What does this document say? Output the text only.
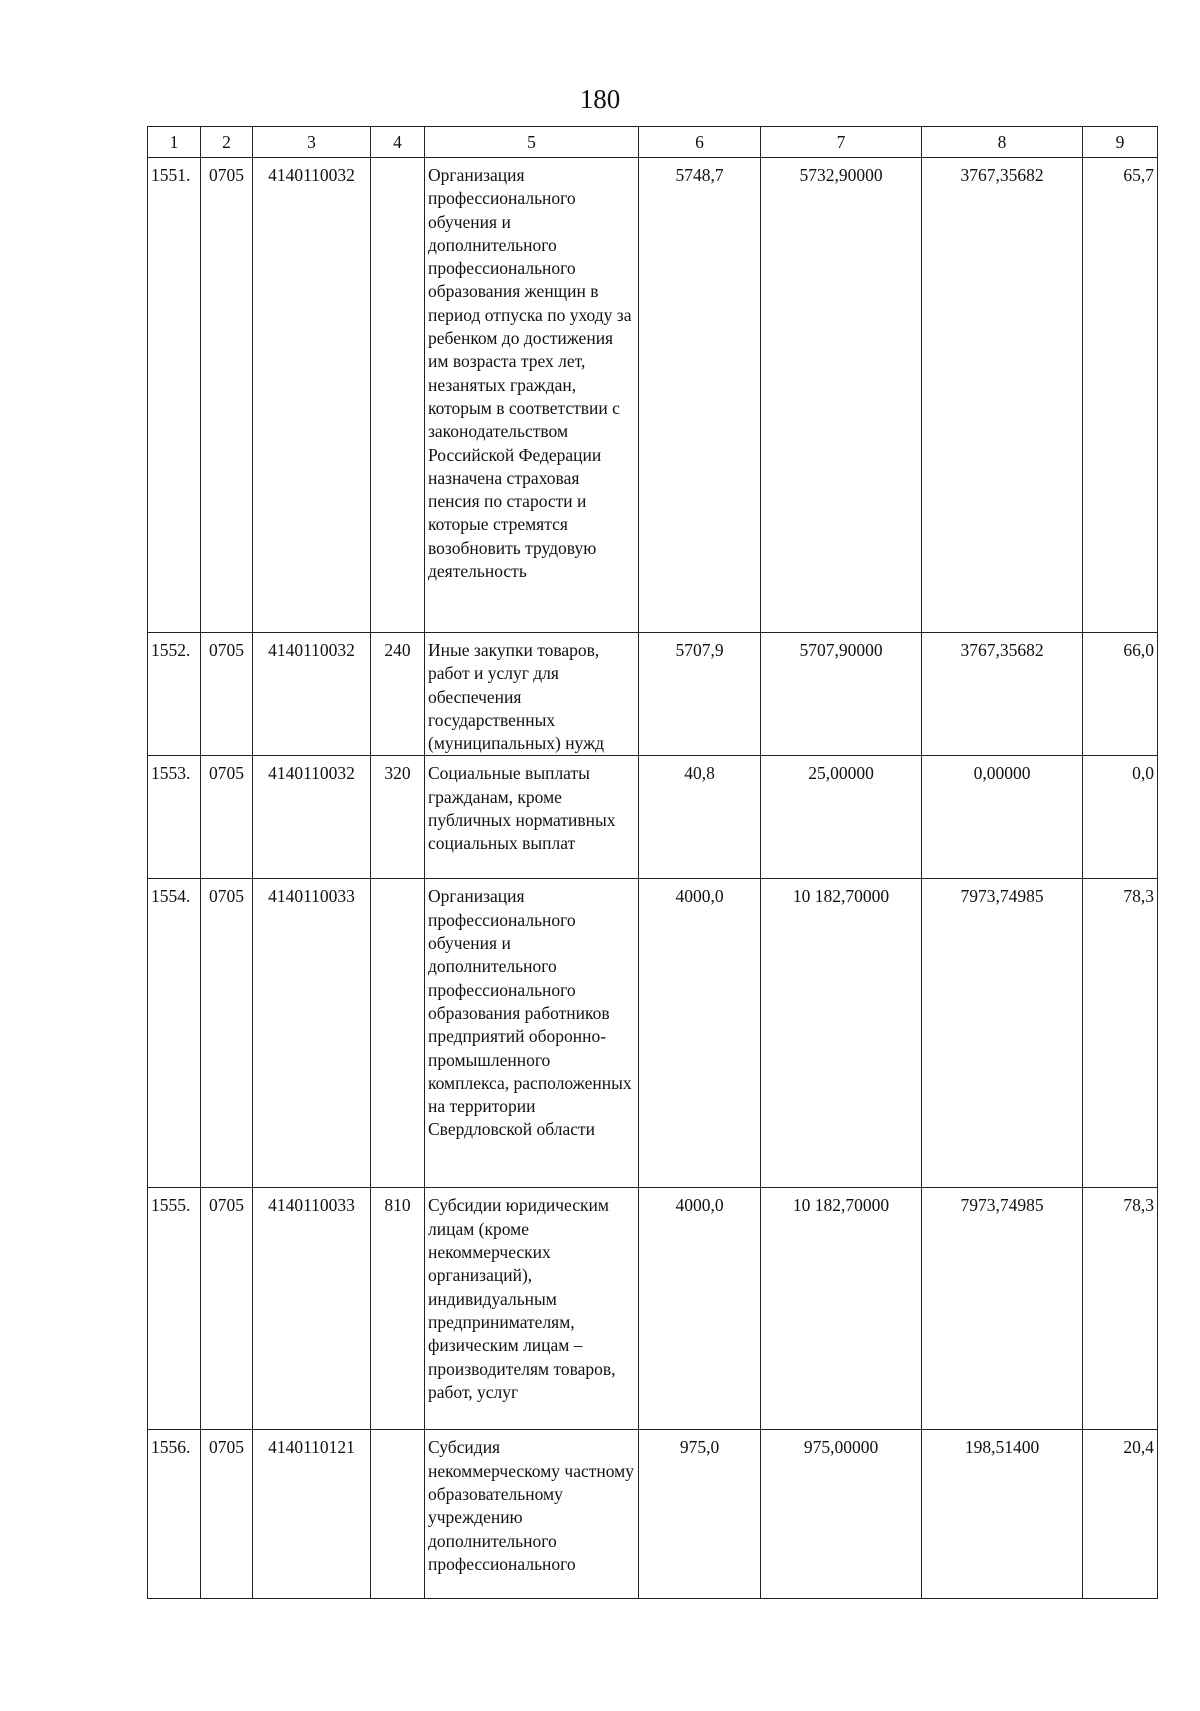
180
1	2	3	4	5	6	7	8	9
1551.	0705	4140110032		Организация профессионального обучения и дополнительного профессионального образования женщин в период отпуска по уходу за ребенком до достижения им возраста трех лет, незанятых граждан, которым в соответствии с законодательством Российской Федерации назначена страховая пенсия по старости и которые стремятся возобновить трудовую деятельность	5748,7	5732,90000	3767,35682	65,7
1552.	0705	4140110032	240	Иные закупки товаров, работ и услуг для обеспечения государственных (муниципальных) нужд	5707,9	5707,90000	3767,35682	66,0
1553.	0705	4140110032	320	Социальные выплаты гражданам, кроме публичных нормативных социальных выплат	40,8	25,00000	0,00000	0,0
1554.	0705	4140110033		Организация профессионального обучения и дополнительного профессионального образования работников предприятий оборонно-промышленного комплекса, расположенных на территории Свердловской области	4000,0	10 182,70000	7973,74985	78,3
1555.	0705	4140110033	810	Субсидии юридическим лицам (кроме некоммерческих организаций), индивидуальным предпринимателям, физическим лицам – производителям товаров, работ, услуг	4000,0	10 182,70000	7973,74985	78,3
1556.	0705	4140110121		Субсидия некоммерческому частному образовательному учреждению дополнительного профессионального	975,0	975,00000	198,51400	20,4
